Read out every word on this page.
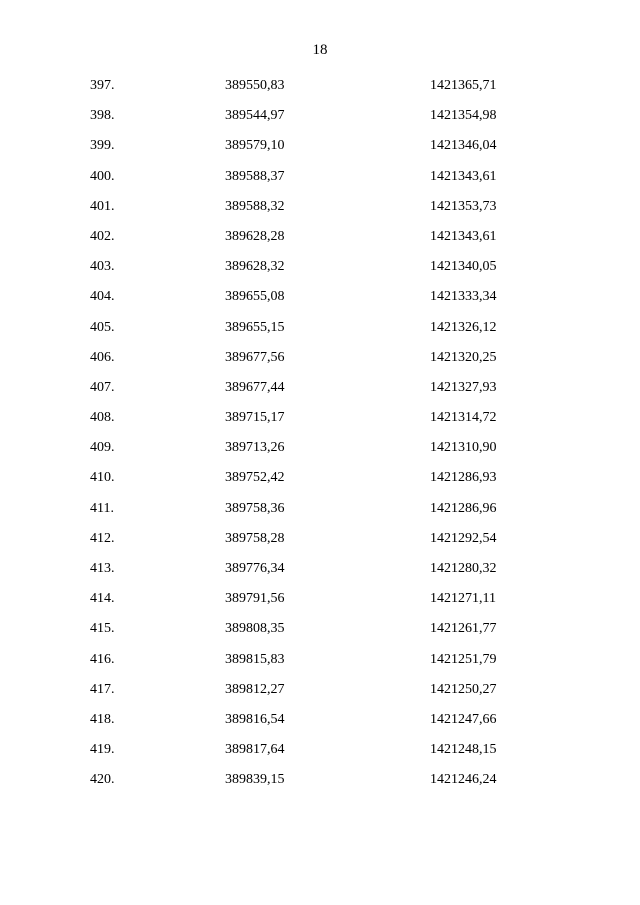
18
397.	389550,83	1421365,71
398.	389544,97	1421354,98
399.	389579,10	1421346,04
400.	389588,37	1421343,61
401.	389588,32	1421353,73
402.	389628,28	1421343,61
403.	389628,32	1421340,05
404.	389655,08	1421333,34
405.	389655,15	1421326,12
406.	389677,56	1421320,25
407.	389677,44	1421327,93
408.	389715,17	1421314,72
409.	389713,26	1421310,90
410.	389752,42	1421286,93
411.	389758,36	1421286,96
412.	389758,28	1421292,54
413.	389776,34	1421280,32
414.	389791,56	1421271,11
415.	389808,35	1421261,77
416.	389815,83	1421251,79
417.	389812,27	1421250,27
418.	389816,54	1421247,66
419.	389817,64	1421248,15
420.	389839,15	1421246,24
